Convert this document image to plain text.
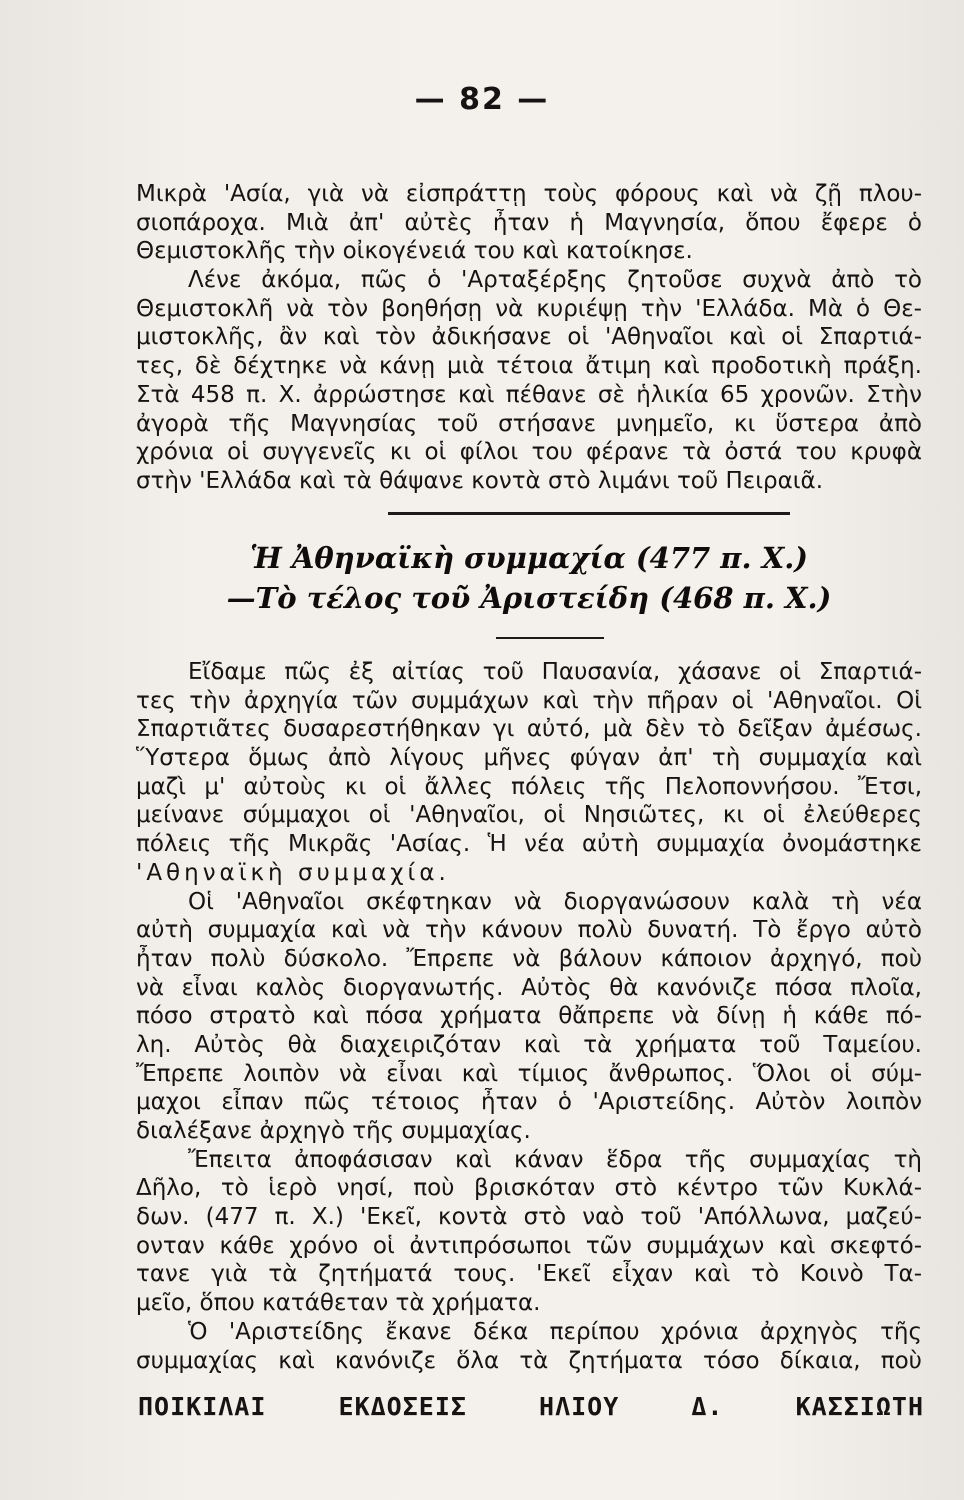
— 82 —
Μικρὰ 'Ασία, γιὰ νὰ εἰσπράττῃ τοὺς φόρους καὶ νὰ ζῇ πλου-
σιοπάροχα. Μιὰ ἀπ' αὐτὲς ἦταν ἡ Μαγνησία, ὅπου ἔφερε ὁ
Θεμιστοκλῆς τὴν οἰκογένειά του καὶ κατοίκησε.
Λένε ἀκόμα, πῶς ὁ 'Αρταξέρξης ζητοῦσε συχνὰ ἀπὸ τὸ
Θεμιστοκλῆ νὰ τὸν βοηθήσῃ νὰ κυριέψῃ τὴν 'Ελλάδα. Μὰ ὁ Θε-
μιστοκλῆς, ἂν καὶ τὸν ἀδικήσανε οἱ 'Αθηναῖοι καὶ οἱ Σπαρτιά-
τες, δὲ δέχτηκε νὰ κάνῃ μιὰ τέτοια ἄτιμη καὶ προδοτικὴ πράξη.
Στὰ 458 π. Χ. ἀρρώστησε καὶ πέθανε σὲ ἡλικία 65 χρονῶν. Στὴν
ἀγορὰ τῆς Μαγνησίας τοῦ στήσανε μνημεῖο, κι ὕστερα ἀπὸ
χρόνια οἱ συγγενεῖς κι οἱ φίλοι του φέρανε τὰ ὀστά του κρυφὰ
στὴν 'Ελλάδα καὶ τὰ θάψανε κοντὰ στὸ λιμάνι τοῦ Πειραιᾶ.
Ἡ Ἀθηναϊκὴ συμμαχία (477 π. Χ.)
—Τὸ τέλος τοῦ Ἀριστείδη (468 π. Χ.)
Εἴδαμε πῶς ἐξ αἰτίας τοῦ Παυσανία, χάσανε οἱ Σπαρτιά-
τες τὴν ἀρχηγία τῶν συμμάχων καὶ τὴν πῆραν οἱ 'Αθηναῖοι. Οἱ
Σπαρτιᾶτες δυσαρεστήθηκαν γι αὐτό, μὰ δὲν τὸ δεῖξαν ἀμέσως.
Ὕστερα ὅμως ἀπὸ λίγους μῆνες φύγαν ἀπ' τὴ συμμαχία καὶ
μαζὶ μ' αὐτοὺς κι οἱ ἄλλες πόλεις τῆς Πελοποννήσου. Ἔτσι,
μείνανε σύμμαχοι οἱ 'Αθηναῖοι, οἱ Νησιῶτες, κι οἱ ἐλεύθερες
πόλεις τῆς Μικρᾶς 'Ασίας. Ἡ νέα αὐτὴ συμμαχία ὀνομάστηκε
'Αθηναϊκὴ συμμαχία.
Οἱ 'Αθηναῖοι σκέφτηκαν νὰ διοργανώσουν καλὰ τὴ νέα
αὐτὴ συμμαχία καὶ νὰ τὴν κάνουν πολὺ δυνατή. Τὸ ἔργο αὐτὸ
ἦταν πολὺ δύσκολο. Ἔπρεπε νὰ βάλουν κάποιον ἀρχηγό, ποὺ
νὰ εἶναι καλὸς διοργανωτής. Αὐτὸς θὰ κανόνιζε πόσα πλοῖα,
πόσο στρατὸ καὶ πόσα χρήματα θἄπρεπε νὰ δίνῃ ἡ κάθε πό-
λη. Αὐτὸς θὰ διαχειριζόταν καὶ τὰ χρήματα τοῦ Ταμείου.
Ἔπρεπε λοιπὸν νὰ εἶναι καὶ τίμιος ἄνθρωπος. Ὅλοι οἱ σύμ-
μαχοι εἶπαν πῶς τέτοιος ἦταν ὁ 'Αριστείδης. Αὐτὸν λοιπὸν
διαλέξανε ἀρχηγὸ τῆς συμμαχίας.
Ἔπειτα ἀποφάσισαν καὶ κάναν ἕδρα τῆς συμμαχίας τὴ
Δῆλο, τὸ ἱερὸ νησί, ποὺ βρισκόταν στὸ κέντρο τῶν Κυκλά-
δων. (477 π. Χ.) 'Εκεῖ, κοντὰ στὸ ναὸ τοῦ 'Απόλλωνα, μαζεύ-
ονταν κάθε χρόνο οἱ ἀντιπρόσωποι τῶν συμμάχων καὶ σκεφτό-
τανε γιὰ τὰ ζητήματά τους. 'Εκεῖ εἶχαν καὶ τὸ Κοινὸ Τα-
μεῖο, ὅπου κατάθεταν τὰ χρήματα.
Ὁ 'Αριστείδης ἔκανε δέκα περίπου χρόνια ἀρχηγὸς τῆς
συμμαχίας καὶ κανόνιζε ὅλα τὰ ζητήματα τόσο δίκαια, ποὺ
ΠΟΙΚΙΛΑΙ ΕΚΔΟΣΕΙΣ ΗΛΙΟΥ Δ. ΚΑΣΣΙΩΤΗ
